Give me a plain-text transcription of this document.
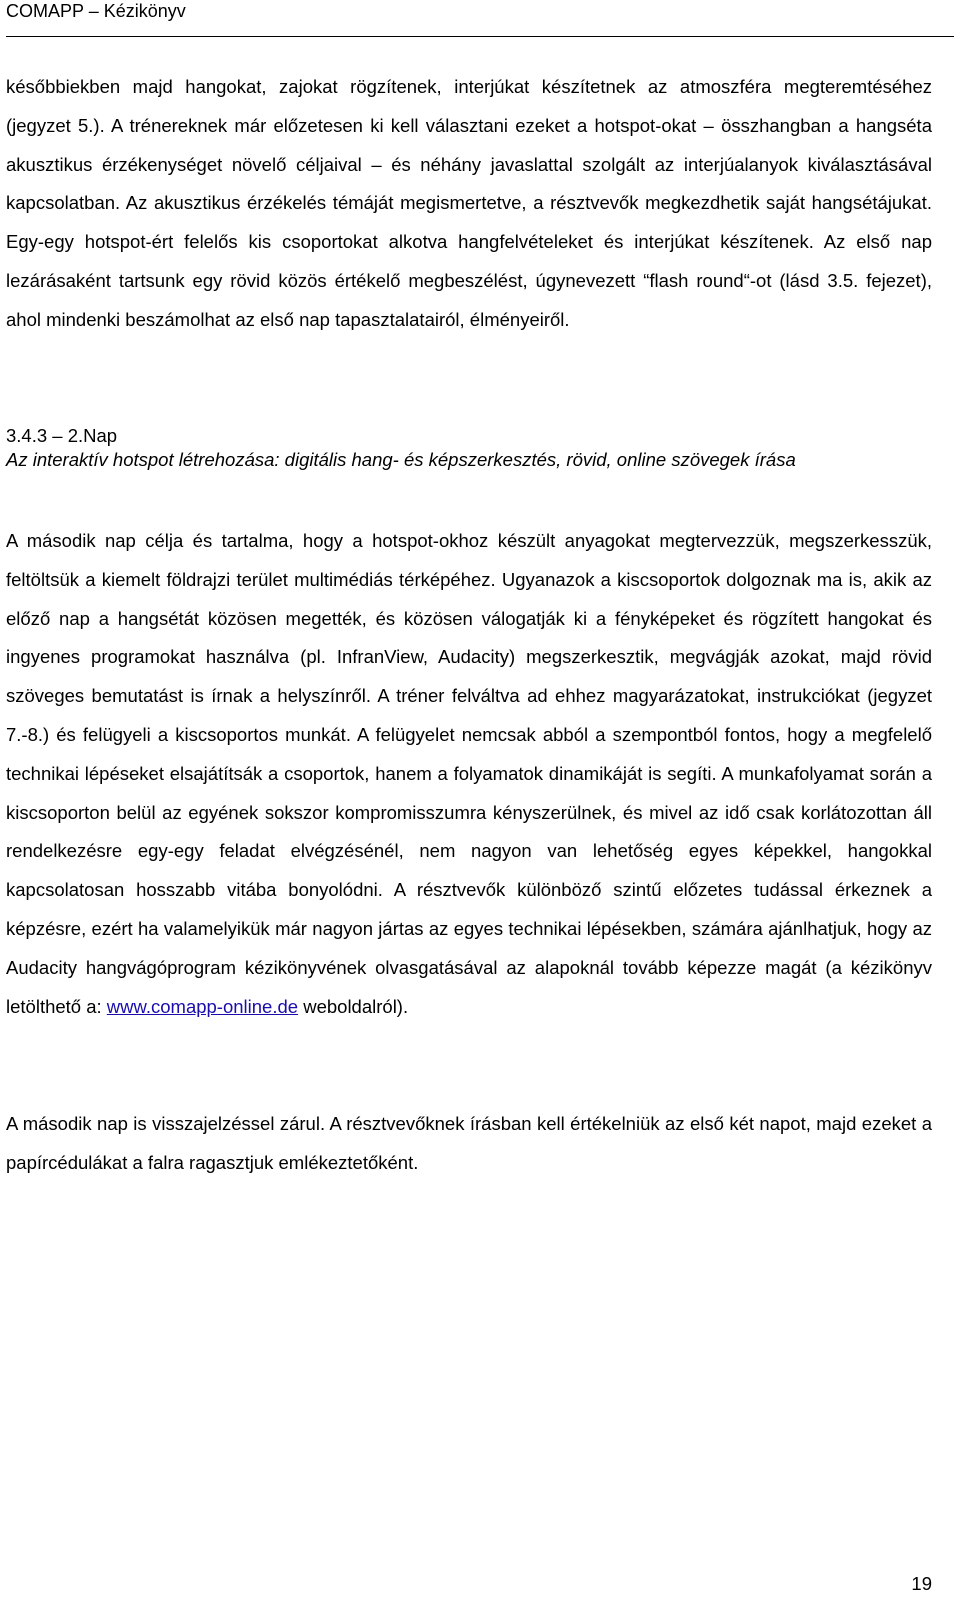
COMAPP – Kézikönyv

későbbiekben majd hangokat, zajokat rögzítenek, interjúkat készítetnek az atmoszféra megteremtéséhez (jegyzet 5.). A trénereknek már előzetesen ki kell választani ezeket a hotspot-okat – összhangban a hangséta akusztikus érzékenységet növelő céljaival – és néhány javaslattal szolgált az interjúalanyok kiválasztásával kapcsolatban. Az akusztikus érzékelés témáját megismertetve, a résztvevők megkezdhetik saját hangsétájukat. Egy-egy hotspot-ért felelős kis csoportokat alkotva hangfelvételeket és interjúkat készítenek. Az első nap lezárásaként tartsunk egy rövid közös értékelő megbeszélést, úgynevezett “flash round“-ot (lásd 3.5. fejezet), ahol mindenki beszámolhat az első nap tapasztalatairól, élményeiről.

3.4.3 – 2.Nap
Az interaktív hotspot létrehozása: digitális hang- és képszerkesztés, rövid, online szövegek írása

A második nap célja és tartalma, hogy a hotspot-okhoz készült anyagokat megtervezzük, megszerkesszük, feltöltsük a kiemelt földrajzi terület multimédiás térképéhez. Ugyanazok a kiscsoportok dolgoznak ma is, akik az előző nap a hangsétát közösen megették, és közösen válogatják ki a fényképeket és rögzített hangokat és ingyenes programokat használva (pl. InfranView, Audacity) megszerkesztik, megvágják azokat, majd rövid szöveges bemutatást is írnak a helyszínről. A tréner felváltva ad ehhez magyarázatokat, instrukciókat (jegyzet 7.-8.) és felügyeli a kiscsoportos munkát. A felügyelet nemcsak abból a szempontból fontos, hogy a megfelelő technikai lépéseket elsajátítsák a csoportok, hanem a folyamatok dinamikáját is segíti. A munkafolyamat során a kiscsoporton belül az egyének sokszor kompromisszumra kényszerülnek, és mivel az idő csak korlátozottan áll rendelkezésre egy-egy feladat elvégzésénél, nem nagyon van lehetőség egyes képekkel, hangokkal kapcsolatosan hosszabb vitába bonyolódni. A résztvevők különböző szintű előzetes tudással érkeznek a képzésre, ezért ha valamelyikük már nagyon jártas az egyes technikai lépésekben, számára ajánlhatjuk, hogy az Audacity hangvágóprogram kézikönyvének olvasgatásával az alapoknál tovább képezze magát (a kézikönyv letölthető a: www.comapp-online.de weboldalról).

A második nap is visszajelzéssel zárul. A résztvevőknek írásban kell értékelniük az első két napot, majd ezeket a papírcédulákat a falra ragasztjuk emlékeztetőként.

19
